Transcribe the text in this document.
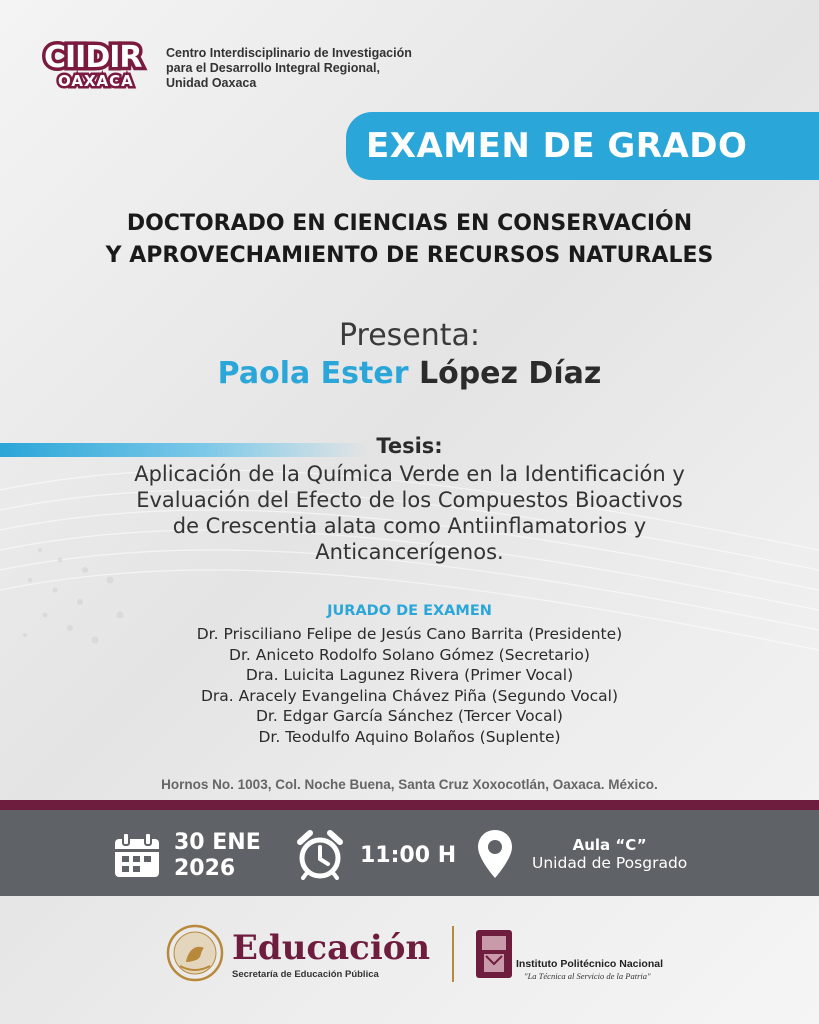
CIIDIR
OAXACA
Centro Interdisciplinario de Investigación
para el Desarrollo Integral Regional,
Unidad Oaxaca
EXAMEN DE GRADO
DOCTORADO EN CIENCIAS EN CONSERVACIÓN
Y APROVECHAMIENTO DE RECURSOS NATURALES
Presenta:
Paola Ester López Díaz
Tesis:
Aplicación de la Química Verde en la Identificación y
Evaluación del Efecto de los Compuestos Bioactivos
de Crescentia alata como Antiinflamatorios y
Anticancerígenos.
JURADO DE EXAMEN
Dr. Prisciliano Felipe de Jesús Cano Barrita (Presidente)
Dr. Aniceto Rodolfo Solano Gómez (Secretario)
Dra. Luicita Lagunez Rivera (Primer Vocal)
Dra. Aracely Evangelina Chávez Piña (Segundo Vocal)
Dr. Edgar García Sánchez (Tercer Vocal)
Dr. Teodulfo Aquino Bolaños (Suplente)
Hornos No. 1003, Col. Noche Buena, Santa Cruz Xoxocotlán, Oaxaca. México.
30 ENE
2026
11:00 H	Aula “C”
Unidad de Posgrado
Educación
Secretaría de Educación Pública
Instituto Politécnico Nacional
"La Técnica al Servicio de la Patria"
